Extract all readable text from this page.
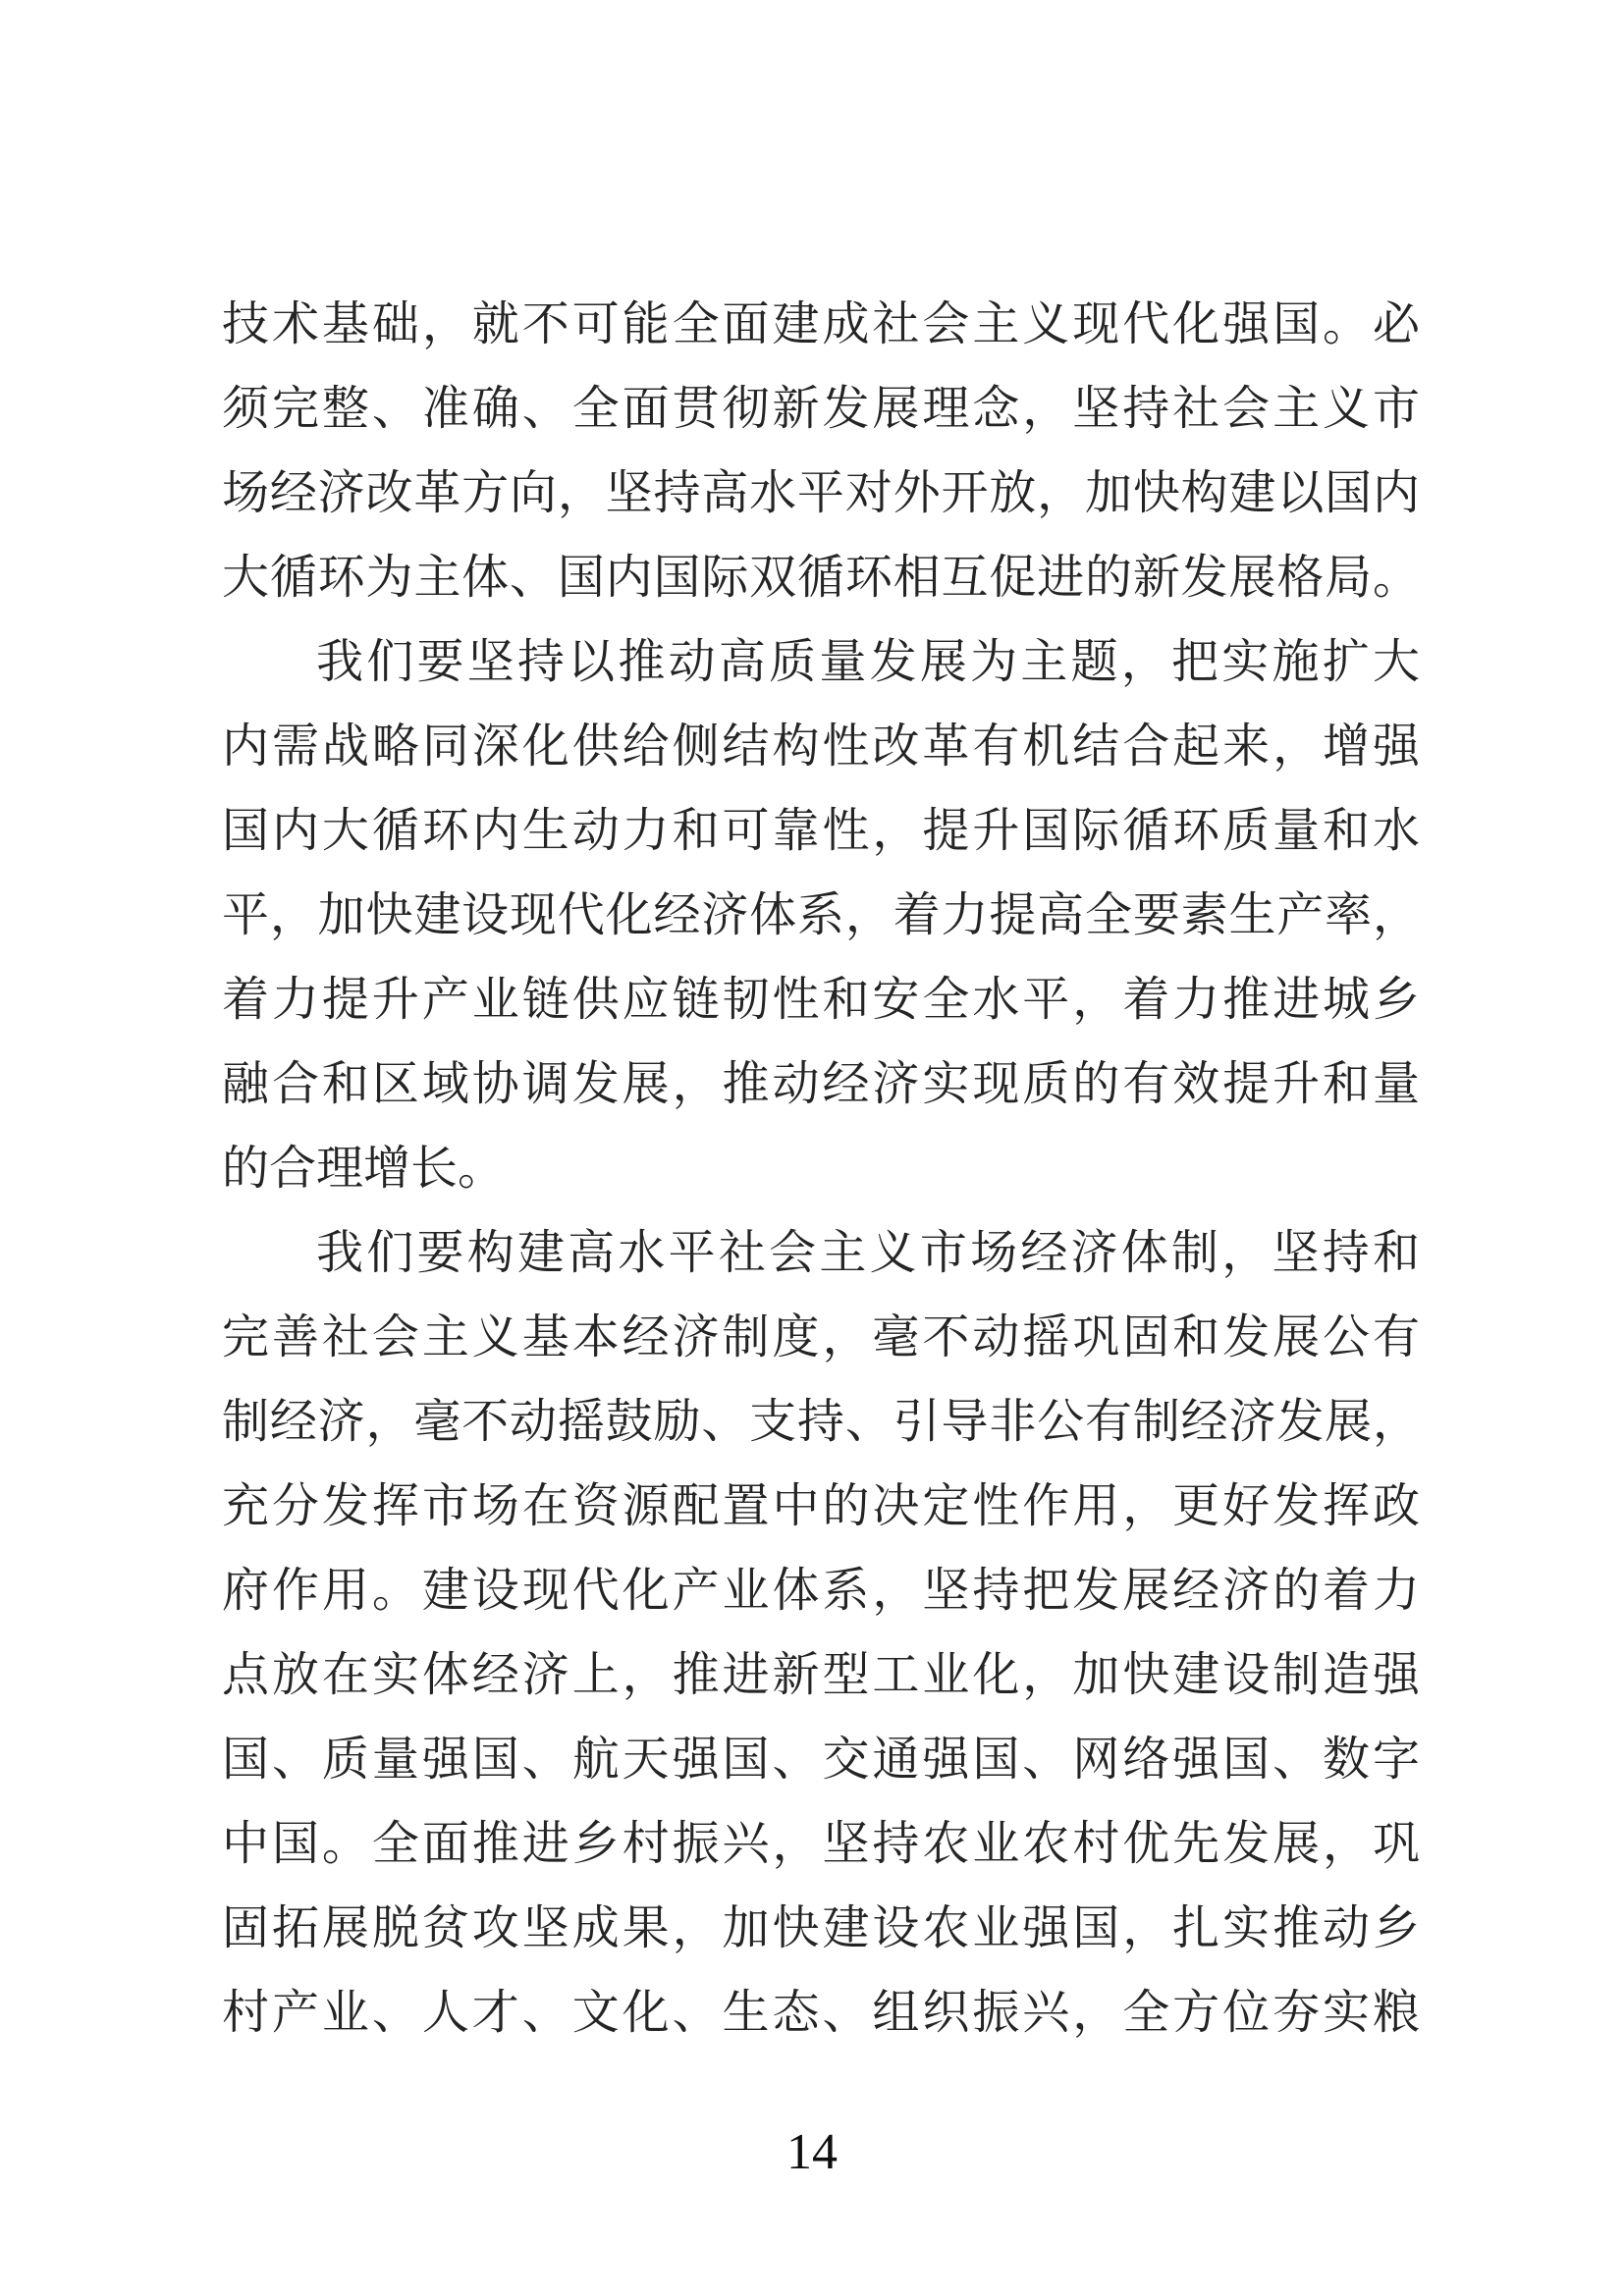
技术基础，就不可能全面建成社会主义现代化强国。必
须完整、准确、全面贯彻新发展理念，坚持社会主义市
场经济改革方向，坚持高水平对外开放，加快构建以国内
大循环为主体、国内国际双循环相互促进的新发展格局。
我们要坚持以推动高质量发展为主题，把实施扩大
内需战略同深化供给侧结构性改革有机结合起来，增强
国内大循环内生动力和可靠性，提升国际循环质量和水
平，加快建设现代化经济体系，着力提高全要素生产率，
着力提升产业链供应链韧性和安全水平，着力推进城乡
融合和区域协调发展，推动经济实现质的有效提升和量
的合理增长。
我们要构建高水平社会主义市场经济体制，坚持和
完善社会主义基本经济制度，毫不动摇巩固和发展公有
制经济，毫不动摇鼓励、支持、引导非公有制经济发展，
充分发挥市场在资源配置中的决定性作用，更好发挥政
府作用。建设现代化产业体系，坚持把发展经济的着力
点放在实体经济上，推进新型工业化，加快建设制造强
国、质量强国、航天强国、交通强国、网络强国、数字
中国。全面推进乡村振兴，坚持农业农村优先发展，巩
固拓展脱贫攻坚成果，加快建设农业强国，扎实推动乡
村产业、人才、文化、生态、组织振兴，全方位夯实粮
14
